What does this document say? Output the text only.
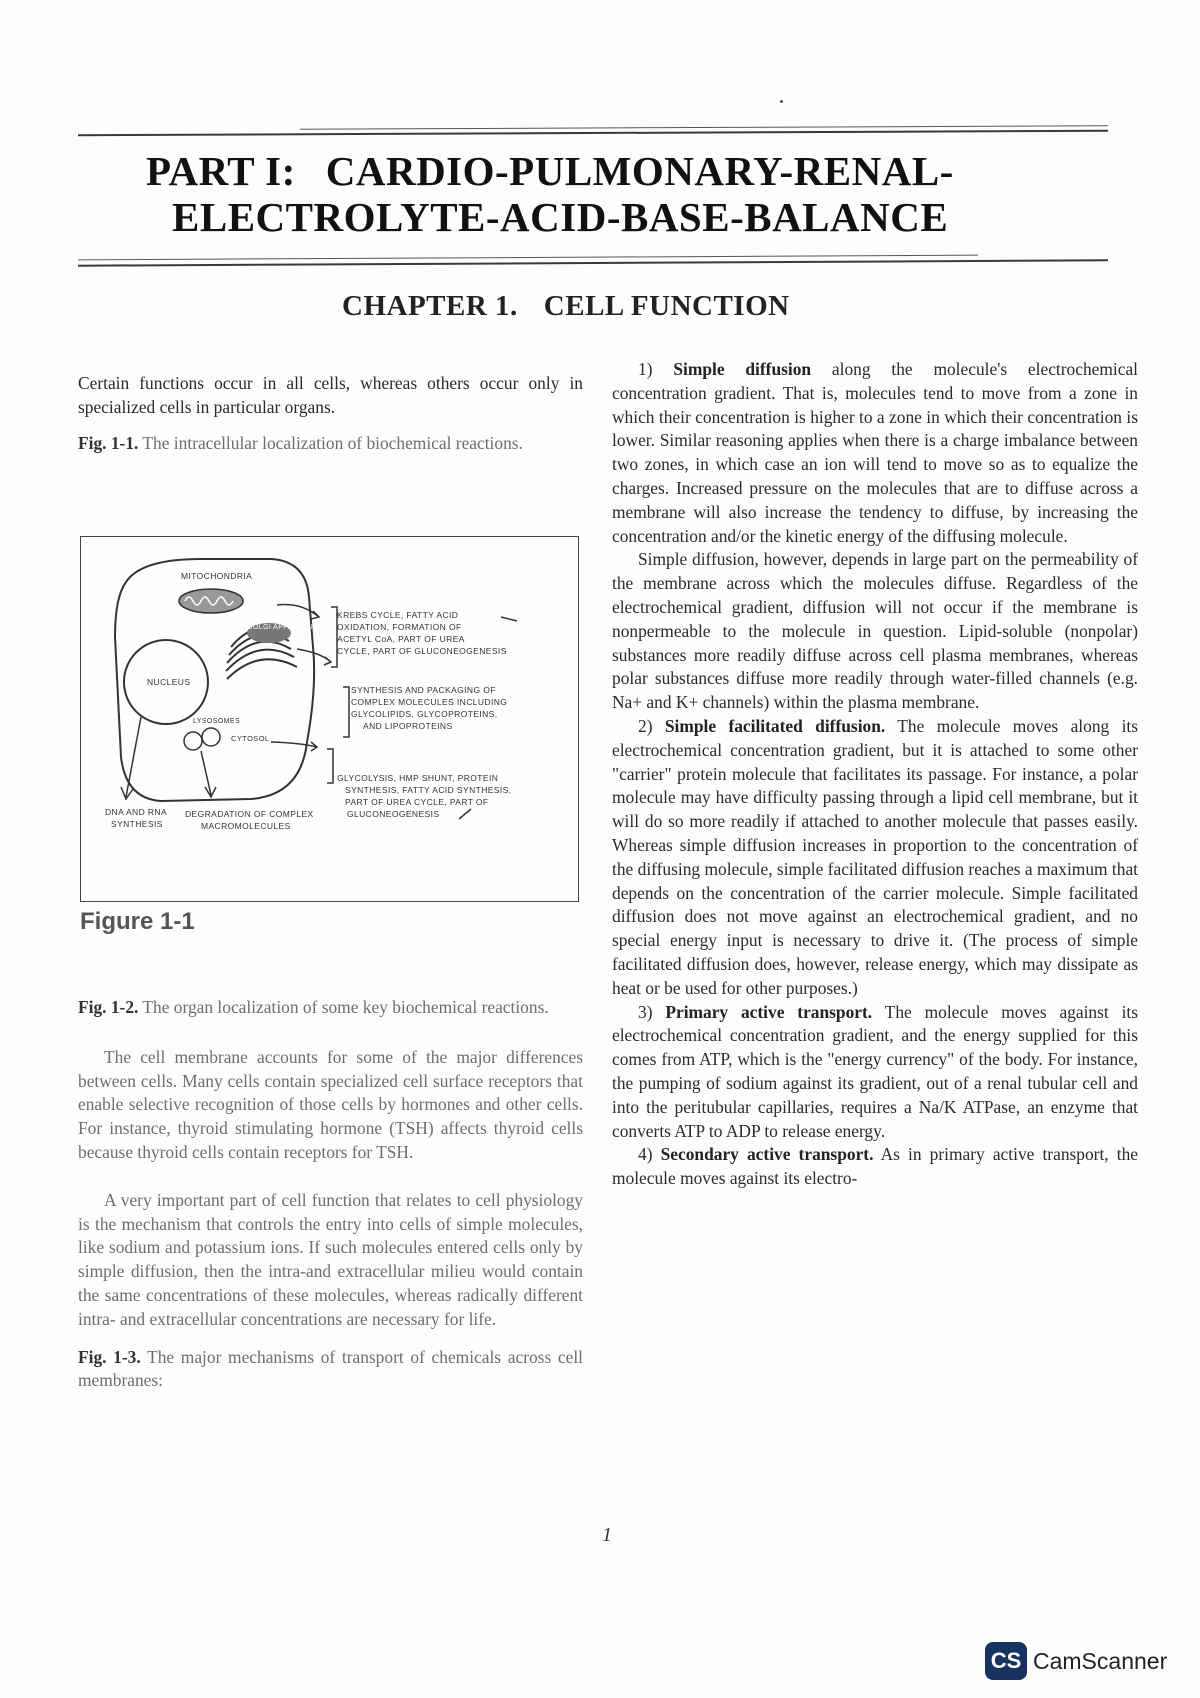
PART I: CARDIO-PULMONARY-RENAL-
ELECTROLYTE-ACID-BASE-BALANCE
CHAPTER 1. CELL FUNCTION

Certain functions occur in all cells, whereas others occur only in specialized cells in particular organs.

Fig. 1-1. The intracellular localization of biochemical reactions.

MITOCHONDRIA
GOLGI APPARATUS
NUCLEUS
LYSOSOMES
CYTOSOL
KREBS CYCLE, FATTY ACID
OXIDATION, FORMATION OF
ACETYL CoA, PART OF UREA
CYCLE, PART OF GLUCONEOGENESIS
SYNTHESIS AND PACKAGING OF
COMPLEX MOLECULES INCLUDING
GLYCOLIPIDS, GLYCOPROTEINS,
AND LIPOPROTEINS
GLYCOLYSIS, HMP SHUNT, PROTEIN
SYNTHESIS, FATTY ACID SYNTHESIS,
PART OF UREA CYCLE, PART OF
GLUCONEOGENESIS
DNA AND RNA
SYNTHESIS
DEGRADATION OF COMPLEX
MACROMOLECULES
Figure 1-1

Fig. 1-2. The organ localization of some key biochemical reactions.

The cell membrane accounts for some of the major differences between cells. Many cells contain specialized cell surface receptors that enable selective recognition of those cells by hormones and other cells. For instance, thyroid stimulating hormone (TSH) affects thyroid cells because thyroid cells contain receptors for TSH.

A very important part of cell function that relates to cell physiology is the mechanism that controls the entry into cells of simple molecules, like sodium and potassium ions. If such molecules entered cells only by simple diffusion, then the intra-and extracellular milieu would contain the same concentrations of these molecules, whereas radically different intra- and extracellular concentrations are necessary for life.

Fig. 1-3. The major mechanisms of transport of chemicals across cell membranes:

1) Simple diffusion along the molecule's electrochemical concentration gradient. That is, molecules tend to move from a zone in which their concentration is higher to a zone in which their concentration is lower. Similar reasoning applies when there is a charge imbalance between two zones, in which case an ion will tend to move so as to equalize the charges. Increased pressure on the molecules that are to diffuse across a membrane will also increase the tendency to diffuse, by increasing the concentration and/or the kinetic energy of the diffusing molecule.

Simple diffusion, however, depends in large part on the permeability of the membrane across which the molecules diffuse. Regardless of the electrochemical gradient, diffusion will not occur if the membrane is nonpermeable to the molecule in question. Lipid-soluble (nonpolar) substances more readily diffuse across cell plasma membranes, whereas polar substances diffuse more readily through water-filled channels (e.g. Na+ and K+ channels) within the plasma membrane.

2) Simple facilitated diffusion. The molecule moves along its electrochemical concentration gradient, but it is attached to some other "carrier" protein molecule that facilitates its passage. For instance, a polar molecule may have difficulty passing through a lipid cell membrane, but it will do so more readily if attached to another molecule that passes easily. Whereas simple diffusion increases in proportion to the concentration of the diffusing molecule, simple facilitated diffusion reaches a maximum that depends on the concentration of the carrier molecule. Simple facilitated diffusion does not move against an electrochemical gradient, and no special energy input is necessary to drive it. (The process of simple facilitated diffusion does, however, release energy, which may dissipate as heat or be used for other purposes.)

3) Primary active transport. The molecule moves against its electrochemical concentration gradient, and the energy supplied for this comes from ATP, which is the "energy currency" of the body. For instance, the pumping of sodium against its gradient, out of a renal tubular cell and into the peritubular capillaries, requires a Na/K ATPase, an enzyme that converts ATP to ADP to release energy.

4) Secondary active transport. As in primary active transport, the molecule moves against its electro-

1
CS CamScanner
